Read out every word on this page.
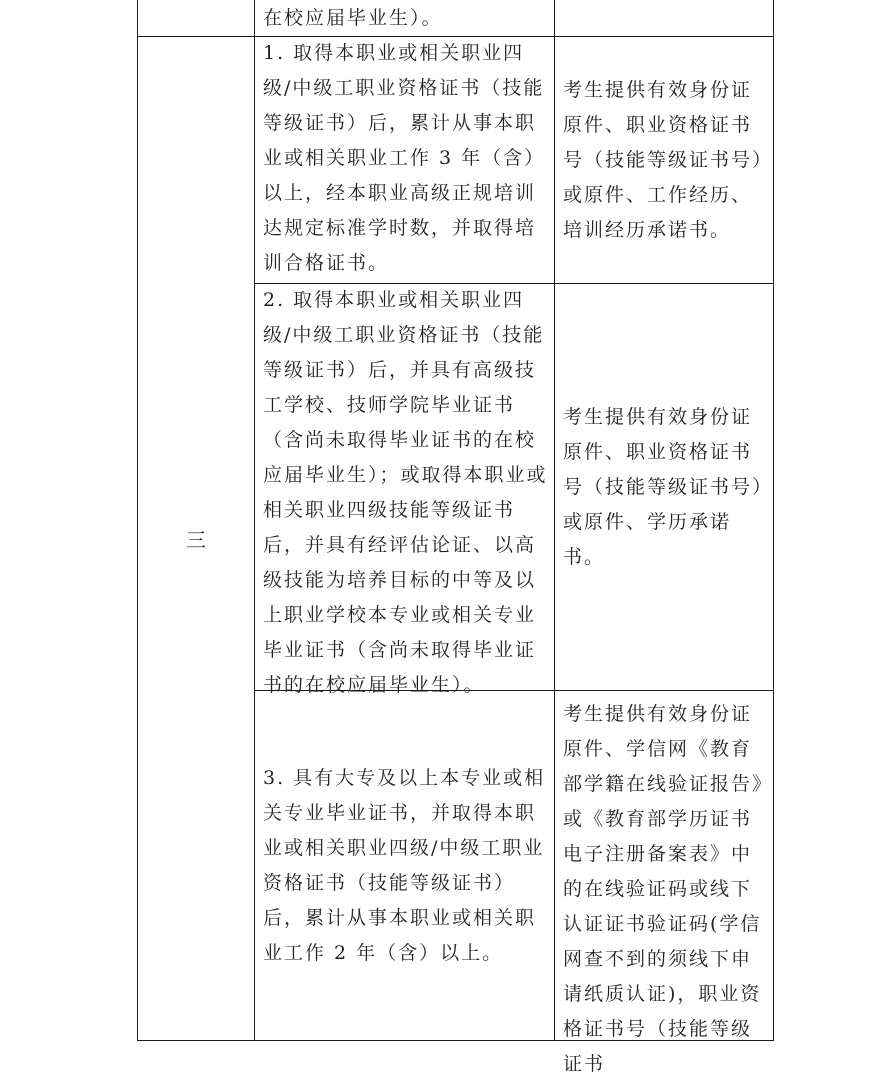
在校应届毕业生）。
三
1. 取得本职业或相关职业四级/中级工职业资格证书（技能等级证书）后，累计从事本职业或相关职业工作 3 年（含）以上，经本职业高级正规培训达规定标准学时数，并取得培训合格证书。
考生提供有效身份证原件、职业资格证书号（技能等级证书号）或原件、工作经历、培训经历承诺书。
2. 取得本职业或相关职业四级/中级工职业资格证书（技能等级证书）后，并具有高级技工学校、技师学院毕业证书（含尚未取得毕业证书的在校应届毕业生）；或取得本职业或相关职业四级技能等级证书后，并具有经评估论证、以高级技能为培养目标的中等及以上职业学校本专业或相关专业毕业证书（含尚未取得毕业证书的在校应届毕业生）。
考生提供有效身份证原件、职业资格证书号（技能等级证书号）或原件、学历承诺书。
3. 具有大专及以上本专业或相关专业毕业证书，并取得本职业或相关职业四级/中级工职业资格证书（技能等级证书）后，累计从事本职业或相关职业工作 2 年（含）以上。
考生提供有效身份证原件、学信网《教育部学籍在线验证报告》或《教育部学历证书电子注册备案表》中的在线验证码或线下认证证书验证码(学信网查不到的须线下申请纸质认证)，职业资格证书号（技能等级证书
